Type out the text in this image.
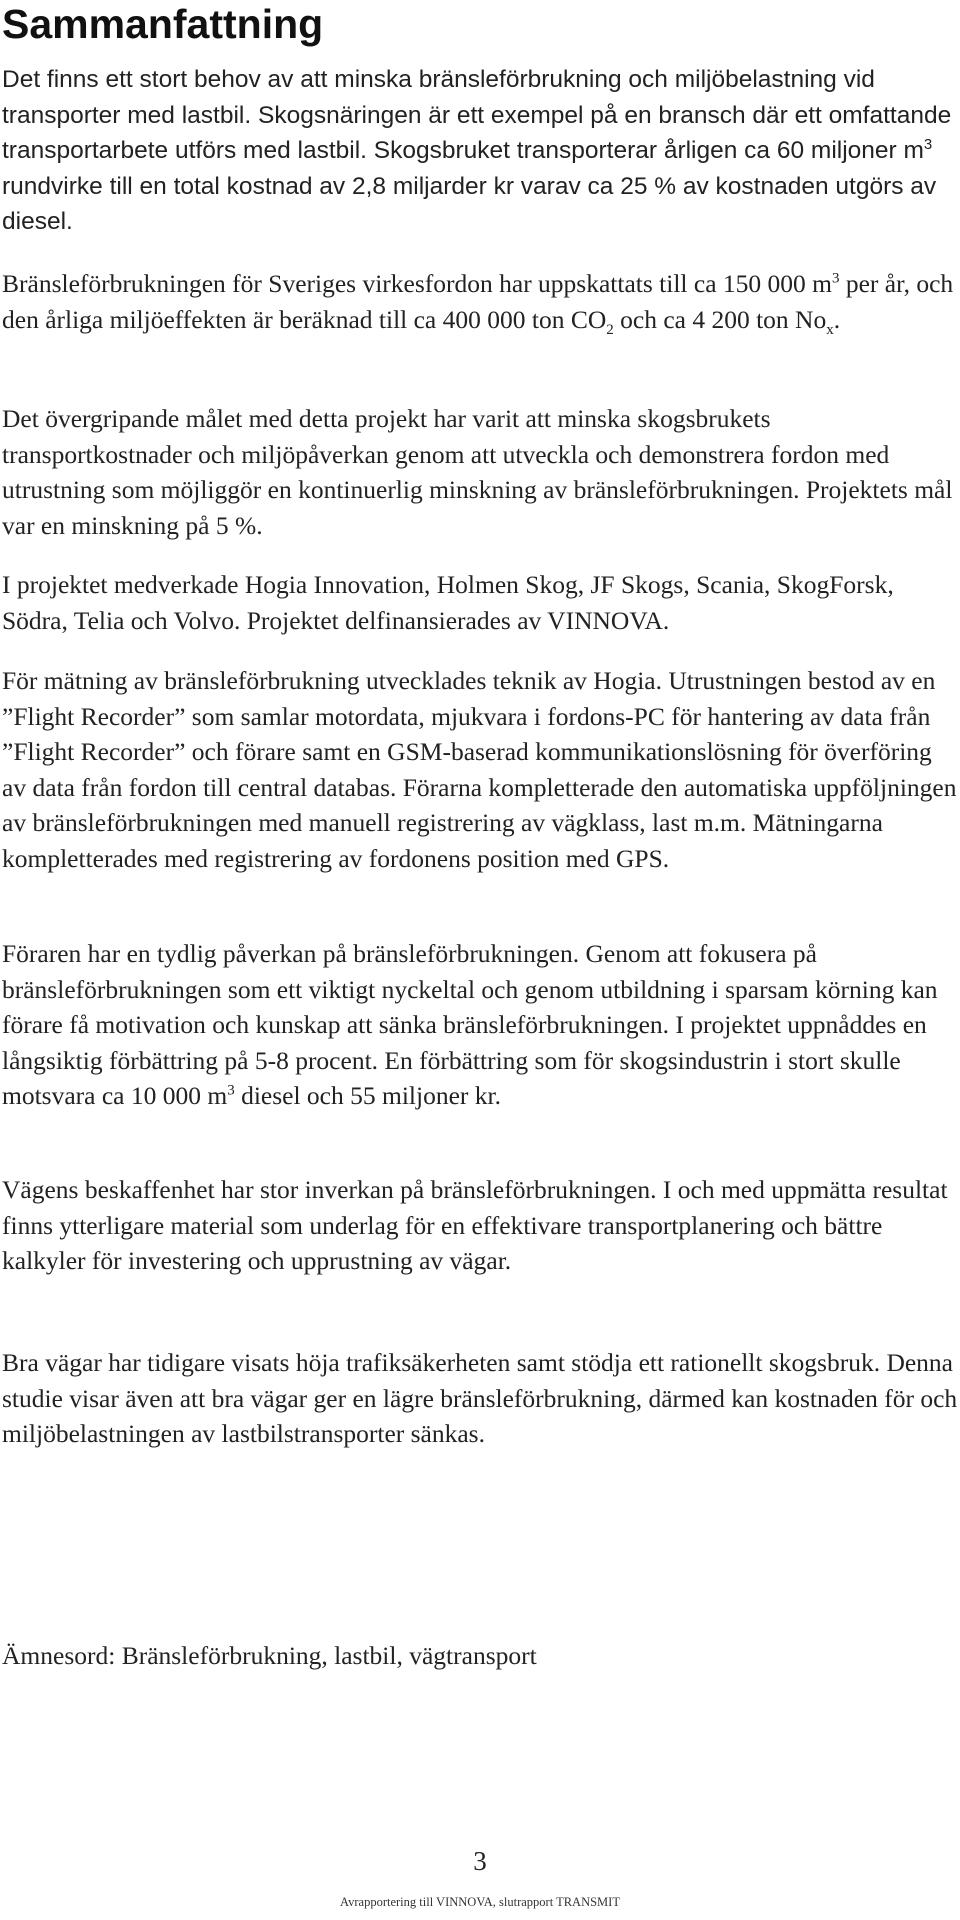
Sammanfattning

Det finns ett stort behov av att minska bränsleförbrukning och miljöbelastning vid transporter med lastbil. Skogsnäringen är ett exempel på en bransch där ett omfattande transportarbete utförs med lastbil. Skogsbruket transporterar årligen ca 60 miljoner $m^3$ rundvirke till en total kostnad av 2,8 miljarder kr varav ca 25 % av kostnaden utgörs av diesel.

Bränsleförbrukningen för Sveriges virkesfordon har uppskattats till ca 150 000 $m^3$ per år, och den årliga miljöeffekten är beräknad till ca 400 000 ton $CO_2$ och ca 4 200 ton $No_x$.

Det övergripande målet med detta projekt har varit att minska skogsbrukets transportkostnader och miljöpåverkan genom att utveckla och demonstrera fordon med utrustning som möjliggör en kontinuerlig minskning av bränsleförbrukningen. Projektets mål var en minskning på 5 %.

I projektet medverkade Hogia Innovation, Holmen Skog, JF Skogs, Scania, SkogForsk, Södra, Telia och Volvo. Projektet delfinansierades av VINNOVA.

För mätning av bränsleförbrukning utvecklades teknik av Hogia. Utrustningen bestod av en ”Flight Recorder” som samlar motordata, mjukvara i fordons-PC för hantering av data från ”Flight Recorder” och förare samt en GSM-baserad kommunikationslösning för överföring av data från fordon till central databas. Förarna kompletterade den automatiska uppföljningen av bränsleförbrukningen med manuell registrering av vägklass, last m.m. Mätningarna kompletterades med registrering av fordonens position med GPS.

Föraren har en tydlig påverkan på bränsleförbrukningen. Genom att fokusera på bränsleförbrukningen som ett viktigt nyckeltal och genom utbildning i sparsam körning kan förare få motivation och kunskap att sänka bränsleförbrukningen. I projektet uppnåddes en långsiktig förbättring på 5-8 procent. En förbättring som för skogsindustrin i stort skulle motsvara ca 10 000 $m^3$ diesel och 55 miljoner kr.

Vägens beskaffenhet har stor inverkan på bränsleförbrukningen. I och med uppmätta resultat finns ytterligare material som underlag för en effektivare transportplanering och bättre kalkyler för investering och upprustning av vägar.

Bra vägar har tidigare visats höja trafiksäkerheten samt stödja ett rationellt skogsbruk. Denna studie visar även att bra vägar ger en lägre bränsleförbrukning, därmed kan kostnaden för och miljöbelastningen av lastbilstransporter sänkas.

Ämnesord: Bränsleförbrukning, lastbil, vägtransport

3
Avrapportering till VINNOVA, slutrapport TRANSMIT
